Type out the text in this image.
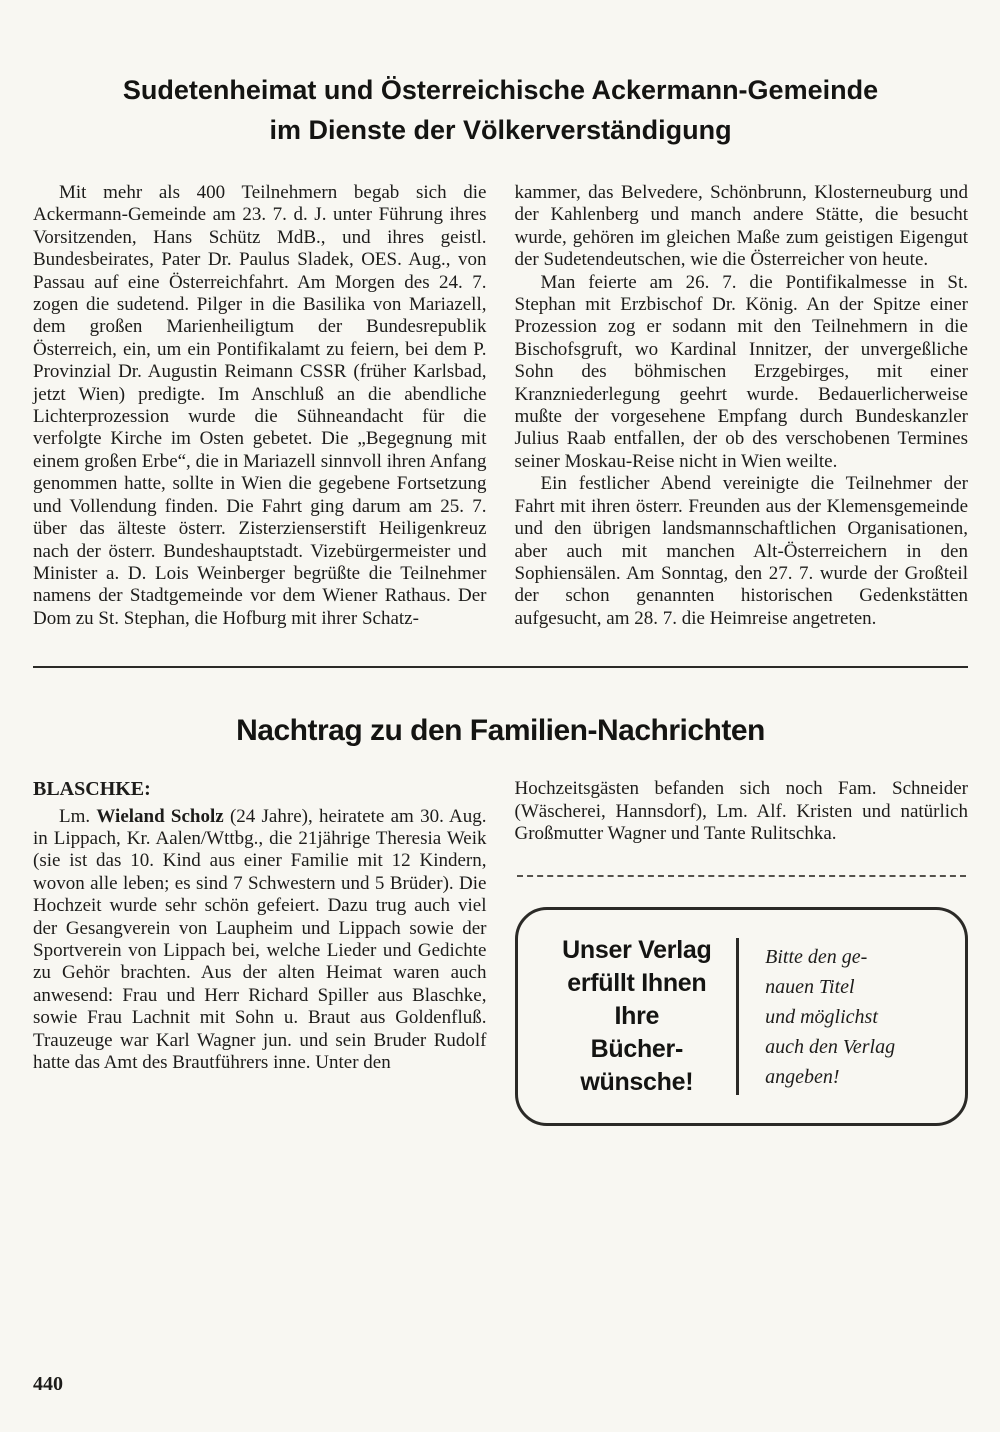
Sudetenheimat und Österreichische Ackermann-Gemeinde
im Dienste der Völkerverständigung

Mit mehr als 400 Teilnehmern begab sich die Ackermann-Gemeinde am 23. 7. d. J. unter Führung ihres Vorsitzenden, Hans Schütz MdB., und ihres geistl. Bundesbeirates, Pater Dr. Paulus Sladek, OES. Aug., von Passau auf eine Österreichfahrt. Am Morgen des 24. 7. zogen die sudetend. Pilger in die Basilika von Mariazell, dem großen Marienheiligtum der Bundesrepublik Österreich, ein, um ein Pontifikalamt zu feiern, bei dem P. Provinzial Dr. Augustin Reimann CSSR (früher Karlsbad, jetzt Wien) predigte. Im Anschluß an die abendliche Lichterprozession wurde die Sühneandacht für die verfolgte Kirche im Osten gebetet. Die „Begegnung mit einem großen Erbe“, die in Mariazell sinnvoll ihren Anfang genommen hatte, sollte in Wien die gegebene Fortsetzung und Vollendung finden. Die Fahrt ging darum am 25. 7. über das älteste österr. Zisterzienserstift Heiligenkreuz nach der österr. Bundeshauptstadt. Vizebürgermeister und Minister a. D. Lois Weinberger begrüßte die Teilnehmer namens der Stadtgemeinde vor dem Wiener Rathaus. Der Dom zu St. Stephan, die Hofburg mit ihrer Schatz-

kammer, das Belvedere, Schönbrunn, Klosterneuburg und der Kahlenberg und manch andere Stätte, die besucht wurde, gehören im gleichen Maße zum geistigen Eigengut der Sudetendeutschen, wie die Österreicher von heute.

Man feierte am 26. 7. die Pontifikalmesse in St. Stephan mit Erzbischof Dr. König. An der Spitze einer Prozession zog er sodann mit den Teilnehmern in die Bischofsgruft, wo Kardinal Innitzer, der unvergeßliche Sohn des böhmischen Erzgebirges, mit einer Kranzniederlegung geehrt wurde. Bedauerlicherweise mußte der vorgesehene Empfang durch Bundeskanzler Julius Raab entfallen, der ob des verschobenen Termines seiner Moskau-Reise nicht in Wien weilte.

Ein festlicher Abend vereinigte die Teilnehmer der Fahrt mit ihren österr. Freunden aus der Klemensgemeinde und den übrigen landsmannschaftlichen Organisationen, aber auch mit manchen Alt-Österreichern in den Sophiensälen. Am Sonntag, den 27. 7. wurde der Großteil der schon genannten historischen Gedenkstätten aufgesucht, am 28. 7. die Heimreise angetreten.

Nachtrag zu den Familien-Nachrichten
BLASCHKE:

Lm. Wieland Scholz (24 Jahre), heiratete am 30. Aug. in Lippach, Kr. Aalen/Wttbg., die 21jährige Theresia Weik (sie ist das 10. Kind aus einer Familie mit 12 Kindern, wovon alle leben; es sind 7 Schwestern und 5 Brüder). Die Hochzeit wurde sehr schön gefeiert. Dazu trug auch viel der Gesangverein von Laupheim und Lippach sowie der Sportverein von Lippach bei, welche Lieder und Gedichte zu Gehör brachten. Aus der alten Heimat waren auch anwesend: Frau und Herr Richard Spiller aus Blaschke, sowie Frau Lachnit mit Sohn u. Braut aus Goldenfluß. Trauzeuge war Karl Wagner jun. und sein Bruder Rudolf hatte das Amt des Brautführers inne. Unter den

Hochzeitsgästen befanden sich noch Fam. Schneider (Wäscherei, Hannsdorf), Lm. Alf. Kristen und natürlich Großmutter Wagner und Tante Rulitschka.

Unser Verlag
erfüllt Ihnen
Ihre
Bücher-
wünsche!
Bitte den ge-
nauen Titel
und möglichst
auch den Verlag
angeben!
440
